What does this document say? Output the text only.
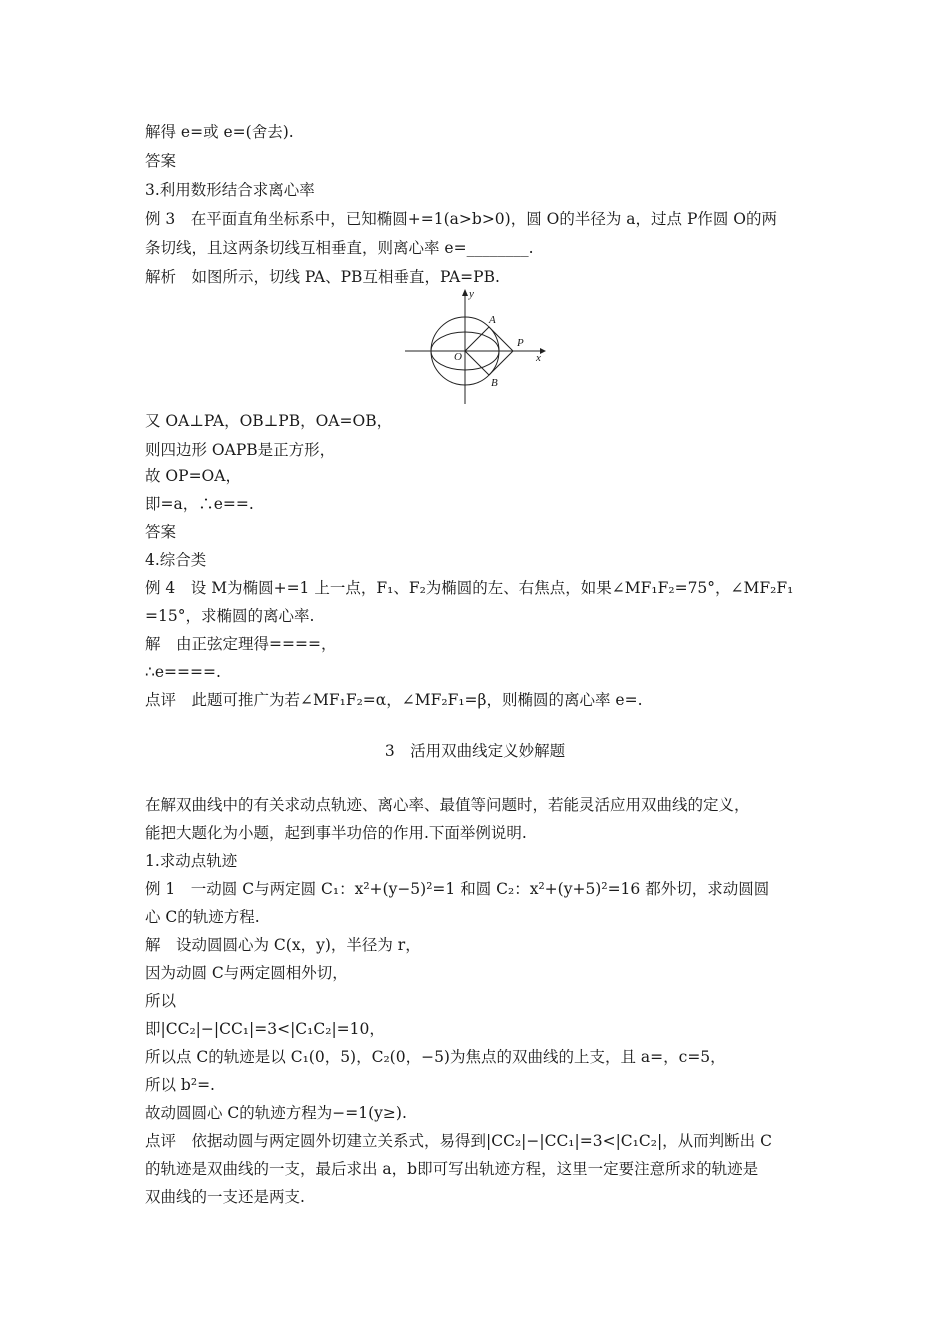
解得 e=或 e=(舍去).
答案
3.利用数形结合求离心率
例 3　在平面直角坐标系中，已知椭圆+=1(a>b>0)，圆 O的半径为 a，过点 P作圆 O的两
条切线，且这两条切线互相垂直，则离心率 e=________.
解析　如图所示，切线 PA、PB互相垂直，PA=PB.
y
A
O
P
x
B
又 OA⊥PA，OB⊥PB，OA=OB，
则四边形 OAPB是正方形，
故 OP=OA，
即=a，∴e==.
答案
4.综合类
例 4　设 M为椭圆+=1 上一点，F₁、F₂为椭圆的左、右焦点，如果∠MF₁F₂=75°，∠MF₂F₁
=15°，求椭圆的离心率.
解　由正弦定理得====，
∴e====.
点评　此题可推广为若∠MF₁F₂=α，∠MF₂F₁=β，则椭圆的离心率 e=.
3　活用双曲线定义妙解题
在解双曲线中的有关求动点轨迹、离心率、最值等问题时，若能灵活应用双曲线的定义，
能把大题化为小题，起到事半功倍的作用.下面举例说明.
1.求动点轨迹
例 1　一动圆 C与两定圆 C₁：x²+(y−5)²=1 和圆 C₂：x²+(y+5)²=16 都外切，求动圆圆
心 C的轨迹方程.
解　设动圆圆心为 C(x，y)，半径为 r，
因为动圆 C与两定圆相外切，
所以
即|CC₂|−|CC₁|=3<|C₁C₂|=10，
所以点 C的轨迹是以 C₁(0，5)，C₂(0，−5)为焦点的双曲线的上支，且 a=，c=5，
所以 b²=.
故动圆圆心 C的轨迹方程为−=1(y≥).
点评　依据动圆与两定圆外切建立关系式，易得到|CC₂|−|CC₁|=3<|C₁C₂|，从而判断出 C
的轨迹是双曲线的一支，最后求出 a，b即可写出轨迹方程，这里一定要注意所求的轨迹是
双曲线的一支还是两支.
